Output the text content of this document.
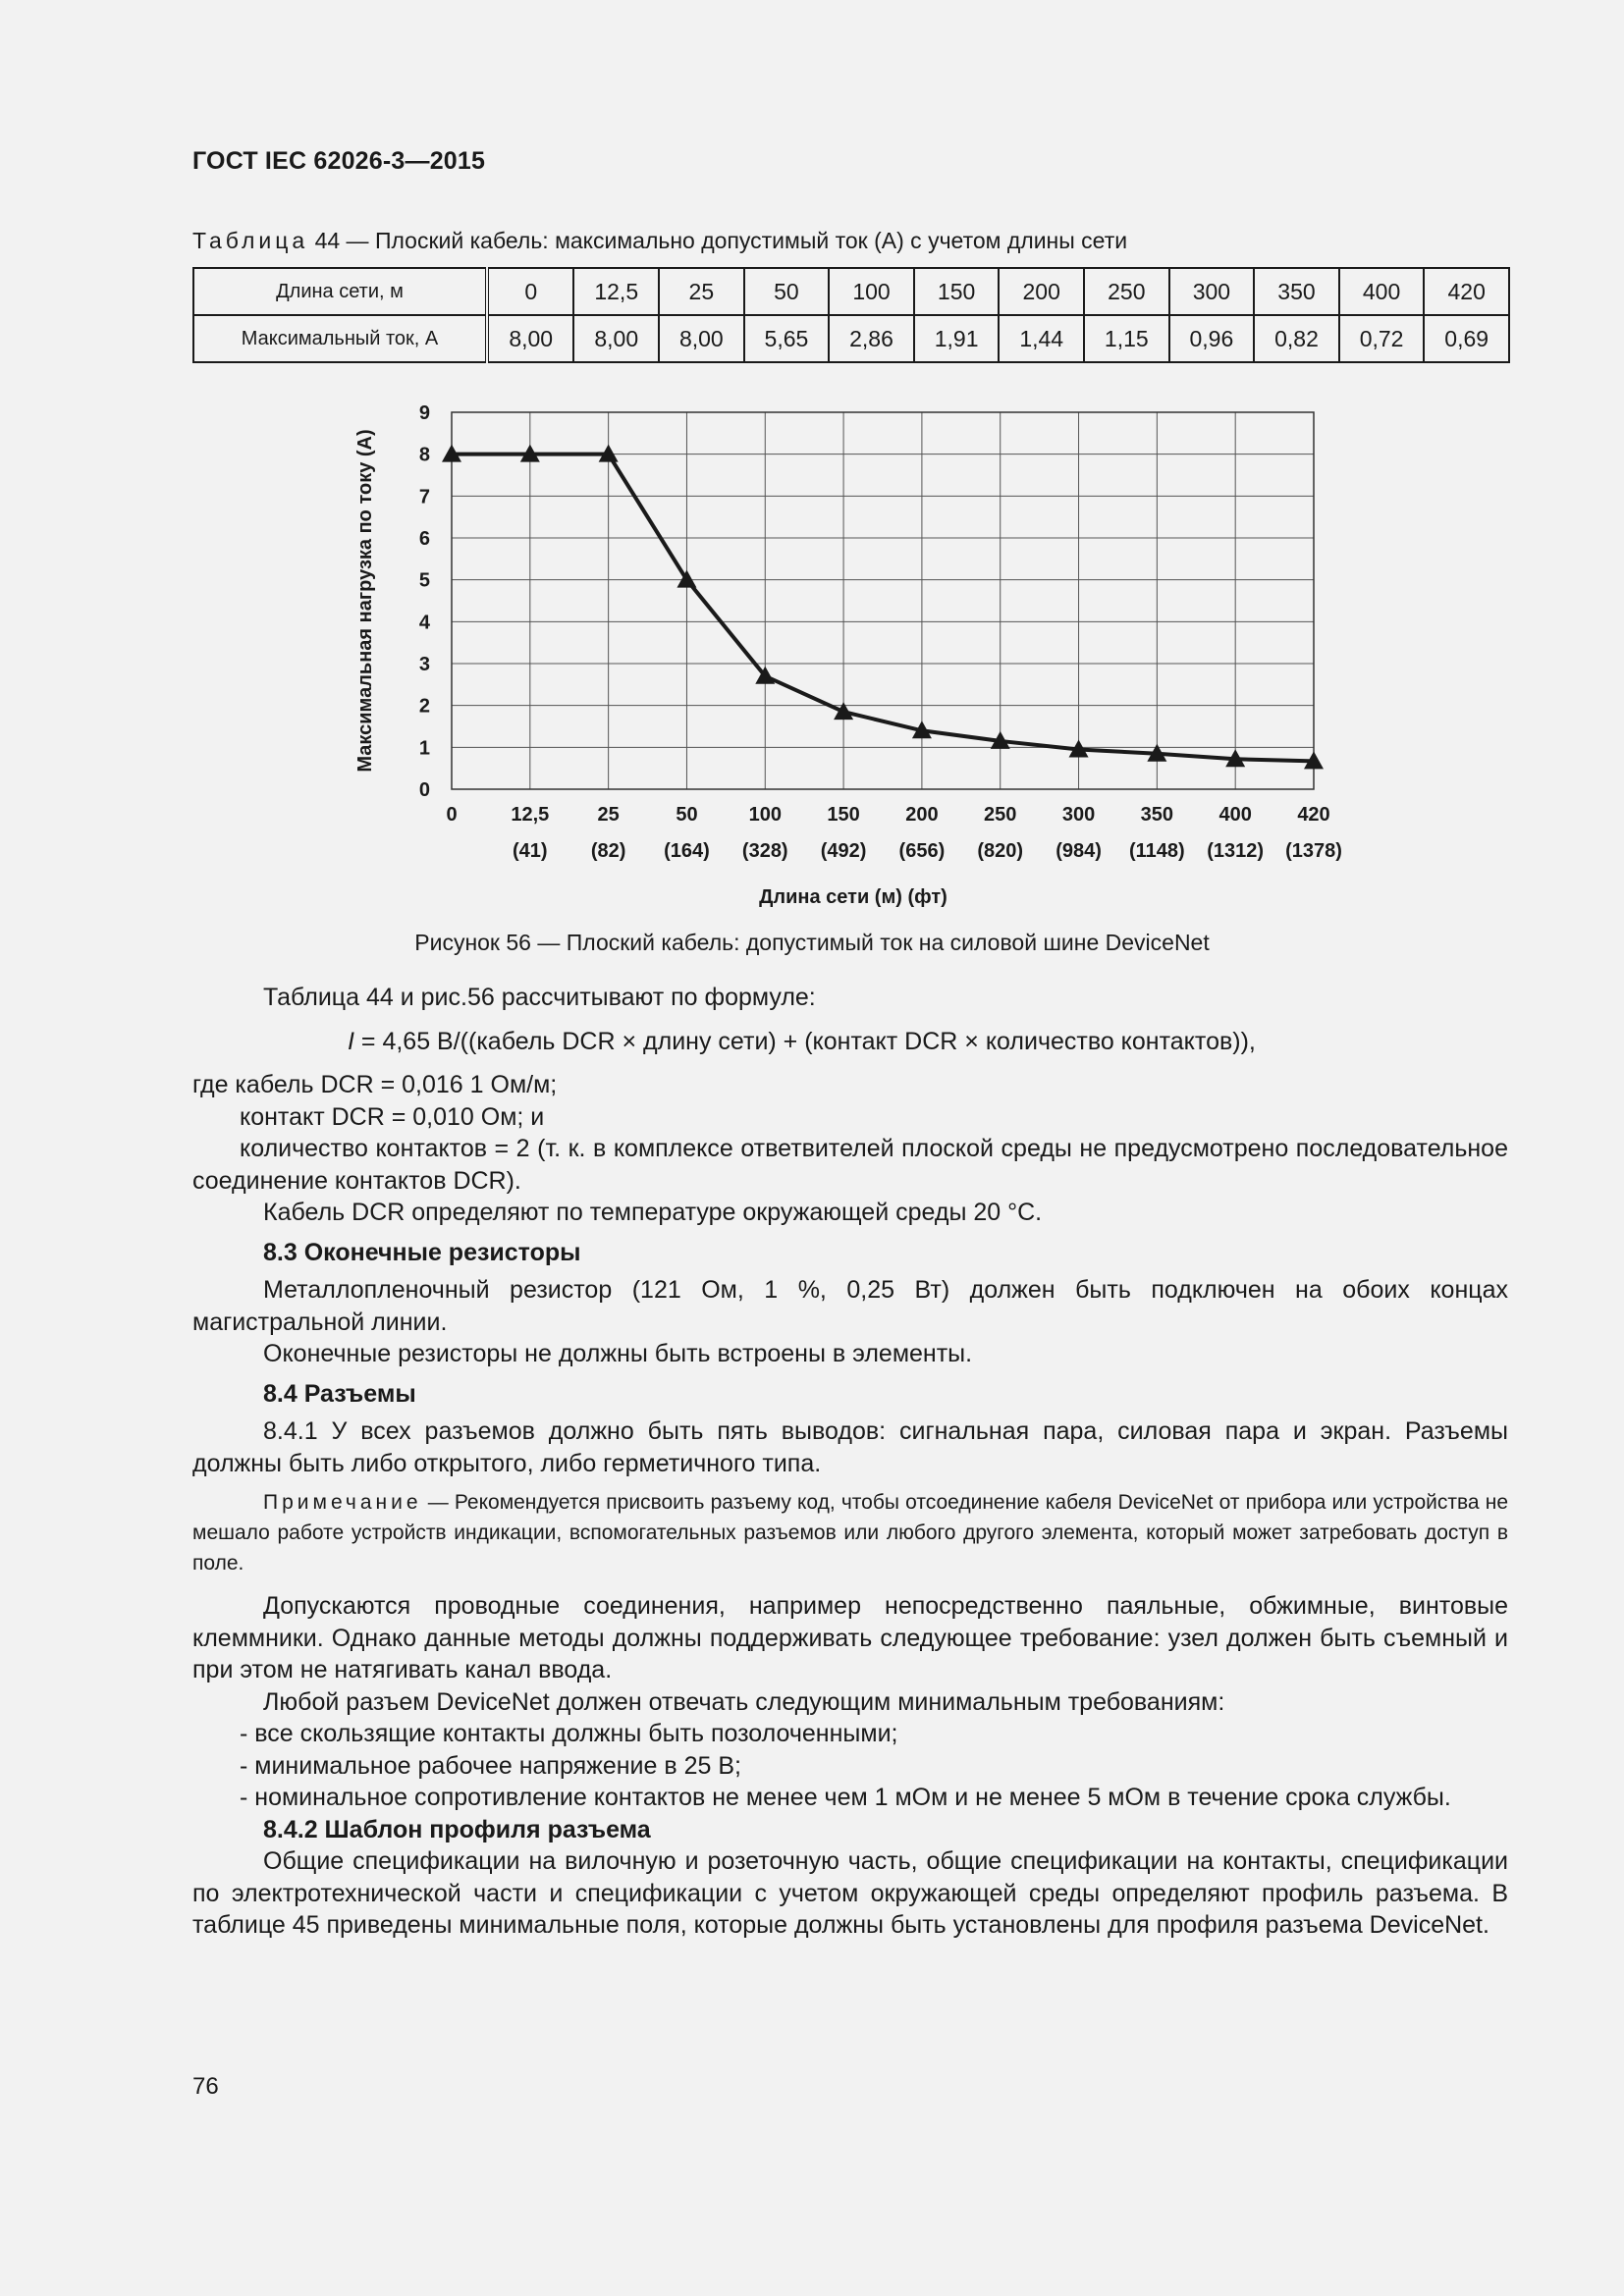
ГОСТ IEC 62026-3—2015
Таблица 44 — Плоский кабель: максимально допустимый ток (А) с учетом длины сети
Длина сети, м	0	12,5	25	50	100	150	200	250	300	350	400	420
Максимальный ток, А	8,00	8,00	8,00	5,65	2,86	1,91	1,44	1,15	0,96	0,82	0,72	0,69
0
1
2
3
4
5
6
7
8
9
0	12,5
(41)
25
(82)
50
(164)
100
(328)
150
(492)
200
(656)
250
(820)
300
(984)
350
(1148)
400
(1312)
420
(1378)
Длина сети (м) (фт)
Максимальная нагрузка по току (А)
Рисунок 56 — Плоский кабель: допустимый ток на силовой шине DeviceNet

Таблица 44 и рис.56 рассчитывают по формуле:

I = 4,65 В/((кабель DCR × длину сети) + (контакт DCR × количество контактов)),

где кабель DCR = 0,016 1 Ом/м;

контакт DCR = 0,010 Ом; и

количество контактов = 2 (т. к. в комплексе ответвителей плоской среды не предусмотрено последовательное соединение контактов DCR).

Кабель DCR определяют по температуре окружающей среды 20 °С.

8.3 Оконечные резисторы

Металлопленочный резистор (121 Ом, 1 %, 0,25 Вт) должен быть подключен на обоих концах магистральной линии.

Оконечные резисторы не должны быть встроены в элементы.

8.4 Разъемы

8.4.1 У всех разъемов должно быть пять выводов: сигнальная пара, силовая пара и экран. Разъемы должны быть либо открытого, либо герметичного типа.

Примечание — Рекомендуется присвоить разъему код, чтобы отсоединение кабеля DeviceNet от прибора или устройства не мешало работе устройств индикации, вспомогательных разъемов или любого другого элемента, который может затребовать доступ в поле.

Допускаются проводные соединения, например непосредственно паяльные, обжимные, винтовые клеммники. Однако данные методы должны поддерживать следующее требование: узел должен быть съемный и при этом не натягивать канал ввода.

Любой разъем DeviceNet должен отвечать следующим минимальным требованиям:

- все скользящие контакты должны быть позолоченными;

- минимальное рабочее напряжение в 25 В;

- номинальное сопротивление контактов не менее чем 1 мОм и не менее 5 мОм в течение срока службы.

8.4.2 Шаблон профиля разъема

Общие спецификации на вилочную и розеточную часть, общие спецификации на контакты, спецификации по электротехнической части и спецификации с учетом окружающей среды определяют профиль разъема. В таблице 45 приведены минимальные поля, которые должны быть установлены для профиля разъема DeviceNet.

76
